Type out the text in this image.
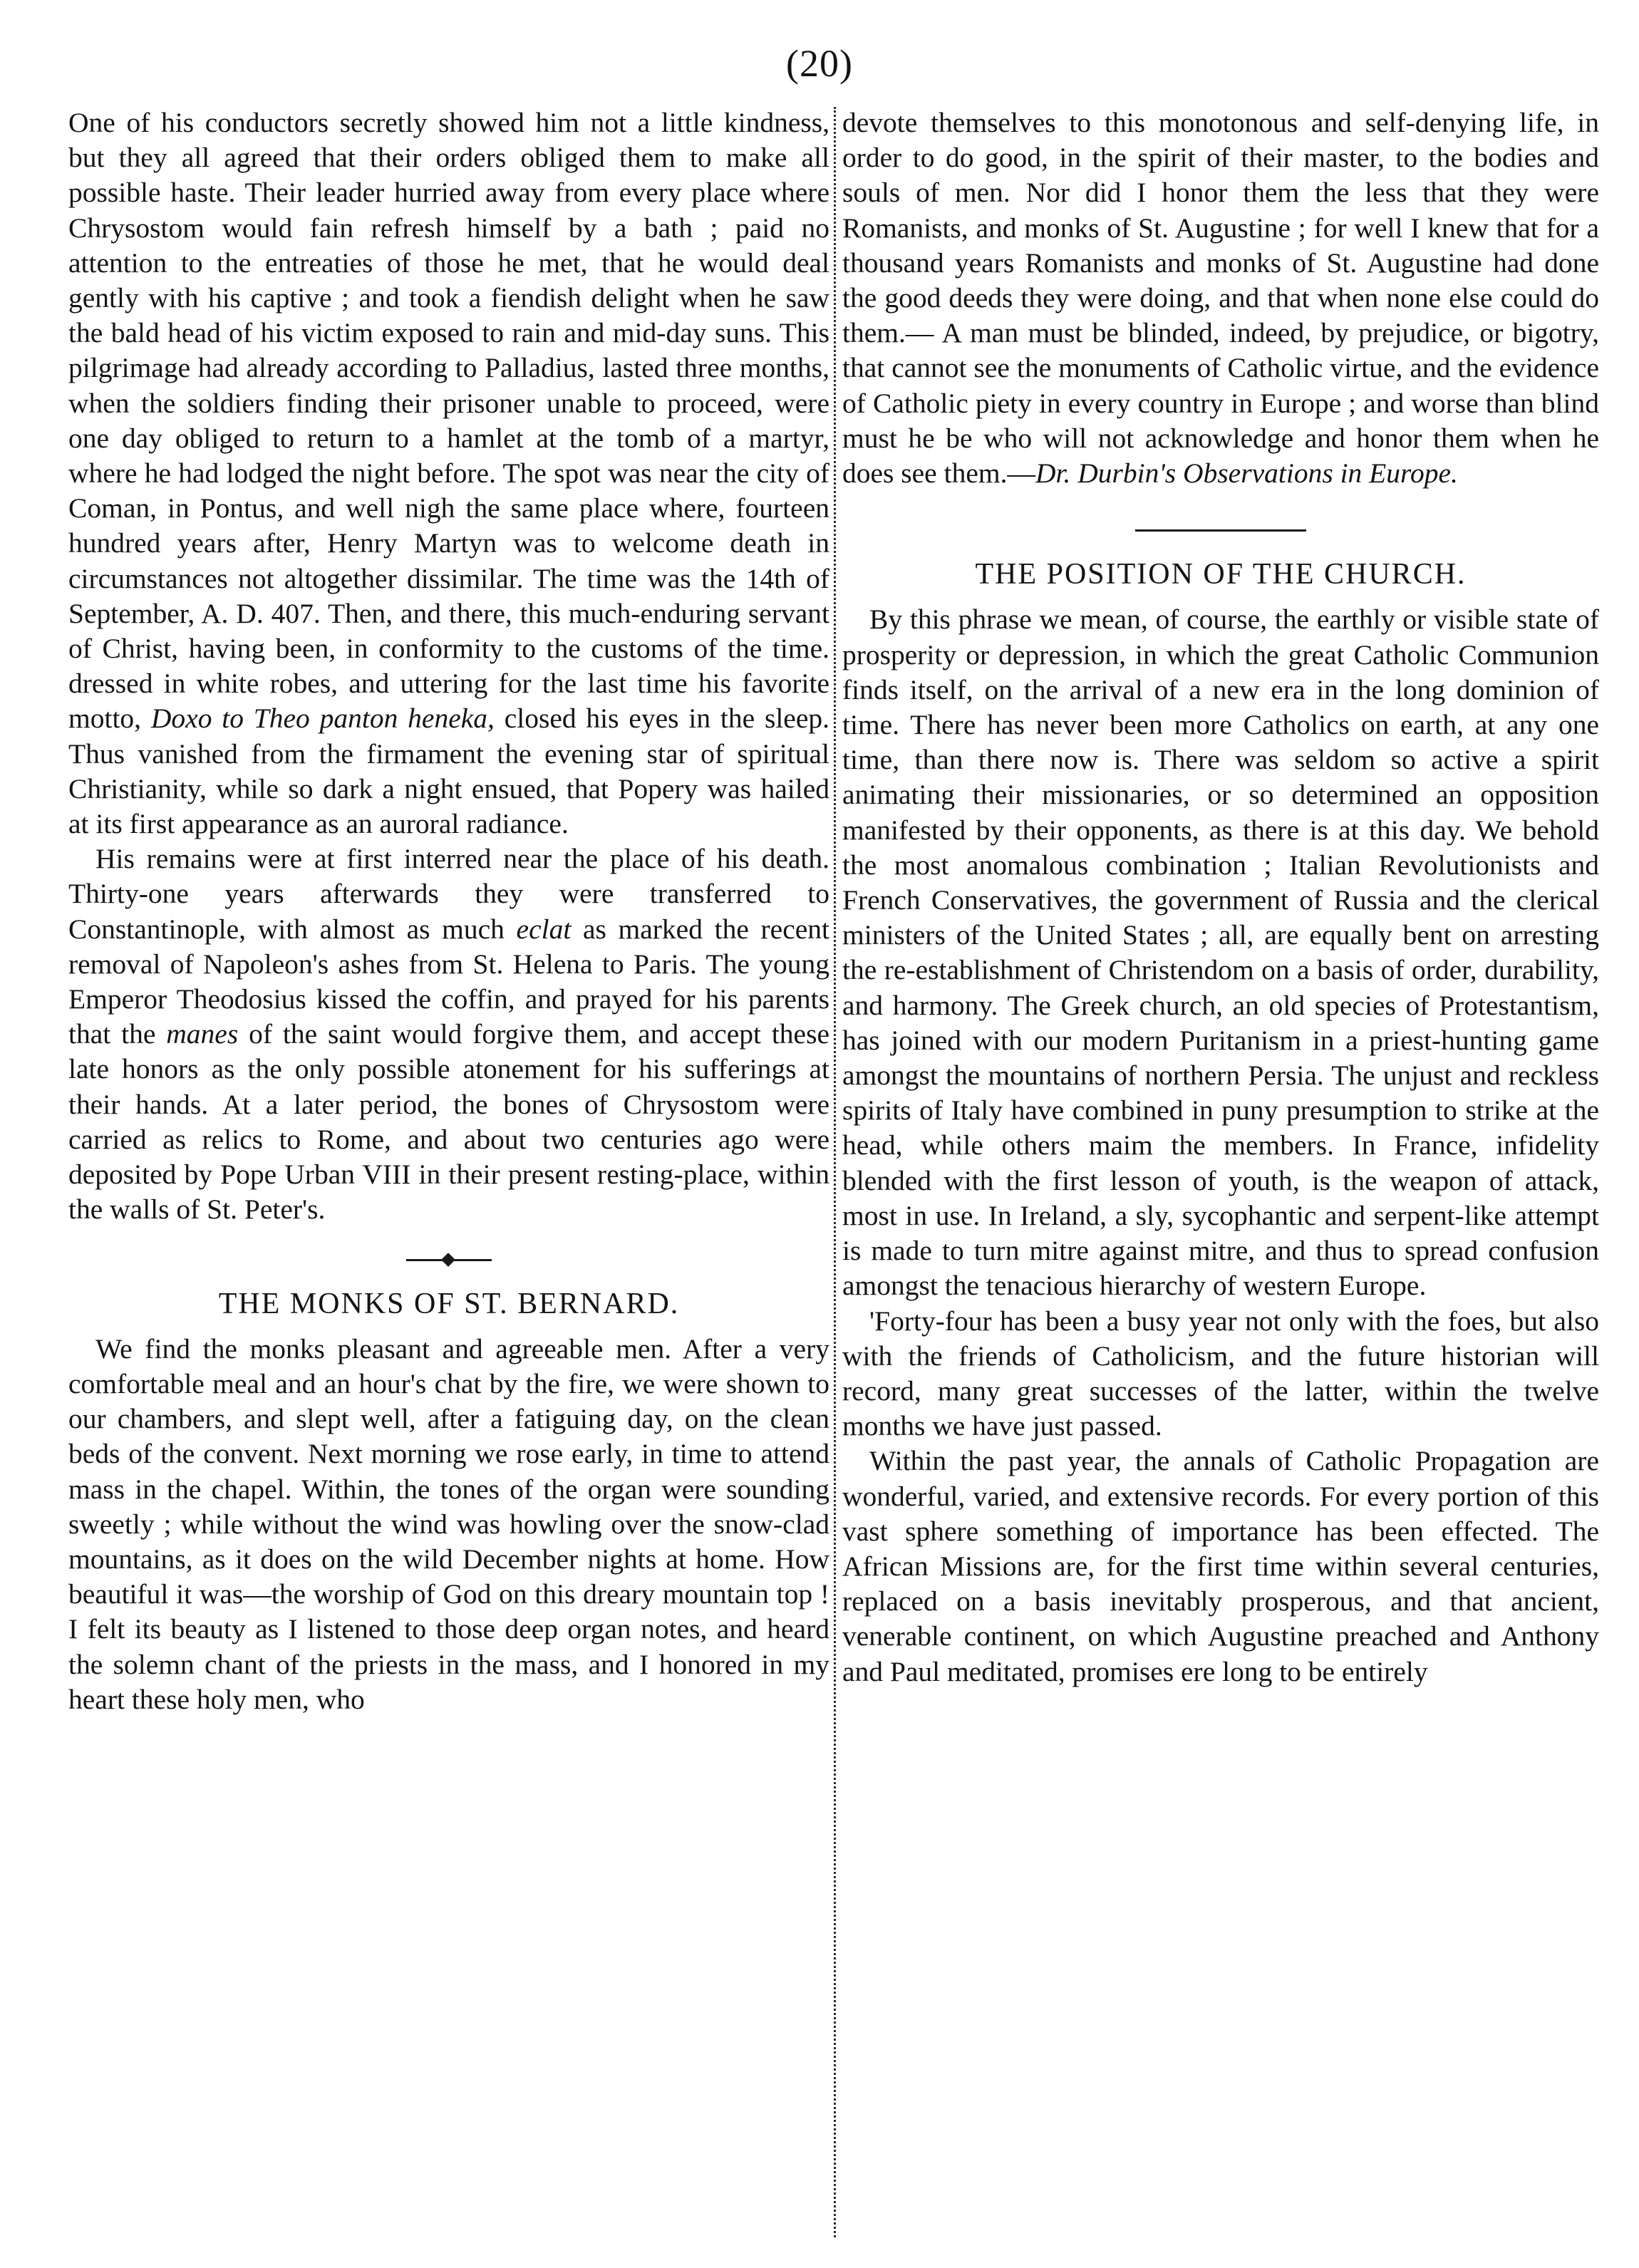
(20)

One of his conductors secretly showed him not a little kindness, but they all agreed that their orders obliged them to make all possible haste. Their leader hurried away from every place where Chrysostom would fain refresh himself by a bath ; paid no attention to the entreaties of those he met, that he would deal gently with his captive ; and took a fiendish delight when he saw the bald head of his victim exposed to rain and mid-day suns. This pilgrimage had already according to Palladius, lasted three months, when the soldiers finding their prisoner unable to proceed, were one day obliged to return to a hamlet at the tomb of a martyr, where he had lodged the night before. The spot was near the city of Coman, in Pontus, and well nigh the same place where, fourteen hundred years after, Henry Martyn was to welcome death in circumstances not altogether dissimilar. The time was the 14th of September, A. D. 407. Then, and there, this much-enduring servant of Christ, having been, in conformity to the customs of the time. dressed in white robes, and uttering for the last time his favorite motto, Doxo to Theo panton heneka, closed his eyes in the sleep. Thus vanished from the firmament the evening star of spiritual Christianity, while so dark a night ensued, that Popery was hailed at its first appearance as an auroral radiance.

His remains were at first interred near the place of his death. Thirty-one years afterwards they were transferred to Constantinople, with almost as much eclat as marked the recent removal of Napoleon's ashes from St. Helena to Paris. The young Emperor Theodosius kissed the coffin, and prayed for his parents that the manes of the saint would forgive them, and accept these late honors as the only possible atonement for his sufferings at their hands. At a later period, the bones of Chrysostom were carried as relics to Rome, and about two centuries ago were deposited by Pope Urban VIII in their present resting-place, within the walls of St. Peter's.

THE MONKS OF ST. BERNARD.

We find the monks pleasant and agreeable men. After a very comfortable meal and an hour's chat by the fire, we were shown to our chambers, and slept well, after a fatiguing day, on the clean beds of the convent. Next morning we rose early, in time to attend mass in the chapel. Within, the tones of the organ were sounding sweetly ; while without the wind was howling over the snow-clad mountains, as it does on the wild December nights at home. How beautiful it was—the worship of God on this dreary mountain top ! I felt its beauty as I listened to those deep organ notes, and heard the solemn chant of the priests in the mass, and I honored in my heart these holy men, who

devote themselves to this monotonous and self-denying life, in order to do good, in the spirit of their master, to the bodies and souls of men. Nor did I honor them the less that they were Romanists, and monks of St. Augustine ; for well I knew that for a thousand years Romanists and monks of St. Augustine had done the good deeds they were doing, and that when none else could do them.— A man must be blinded, indeed, by prejudice, or bigotry, that cannot see the monuments of Catholic virtue, and the evidence of Catholic piety in every country in Europe ; and worse than blind must he be who will not acknowledge and honor them when he does see them.—Dr. Durbin's Observations in Europe.

THE POSITION OF THE CHURCH.

By this phrase we mean, of course, the earthly or visible state of prosperity or depression, in which the great Catholic Communion finds itself, on the arrival of a new era in the long dominion of time. There has never been more Catholics on earth, at any one time, than there now is. There was seldom so active a spirit animating their missionaries, or so determined an opposition manifested by their opponents, as there is at this day. We behold the most anomalous combination ; Italian Revolutionists and French Conservatives, the government of Russia and the clerical ministers of the United States ; all, are equally bent on arresting the re-establishment of Christendom on a basis of order, durability, and harmony. The Greek church, an old species of Protestantism, has joined with our modern Puritanism in a priest-hunting game amongst the mountains of northern Persia. The unjust and reckless spirits of Italy have combined in puny presumption to strike at the head, while others maim the members. In France, infidelity blended with the first lesson of youth, is the weapon of attack, most in use. In Ireland, a sly, sycophantic and serpent-like attempt is made to turn mitre against mitre, and thus to spread confusion amongst the tenacious hierarchy of western Europe.

'Forty-four has been a busy year not only with the foes, but also with the friends of Catholicism, and the future historian will record, many great successes of the latter, within the twelve months we have just passed.

Within the past year, the annals of Catholic Propagation are wonderful, varied, and extensive records. For every portion of this vast sphere something of importance has been effected. The African Missions are, for the first time within several centuries, replaced on a basis inevitably prosperous, and that ancient, venerable continent, on which Augustine preached and Anthony and Paul meditated, promises ere long to be entirely
